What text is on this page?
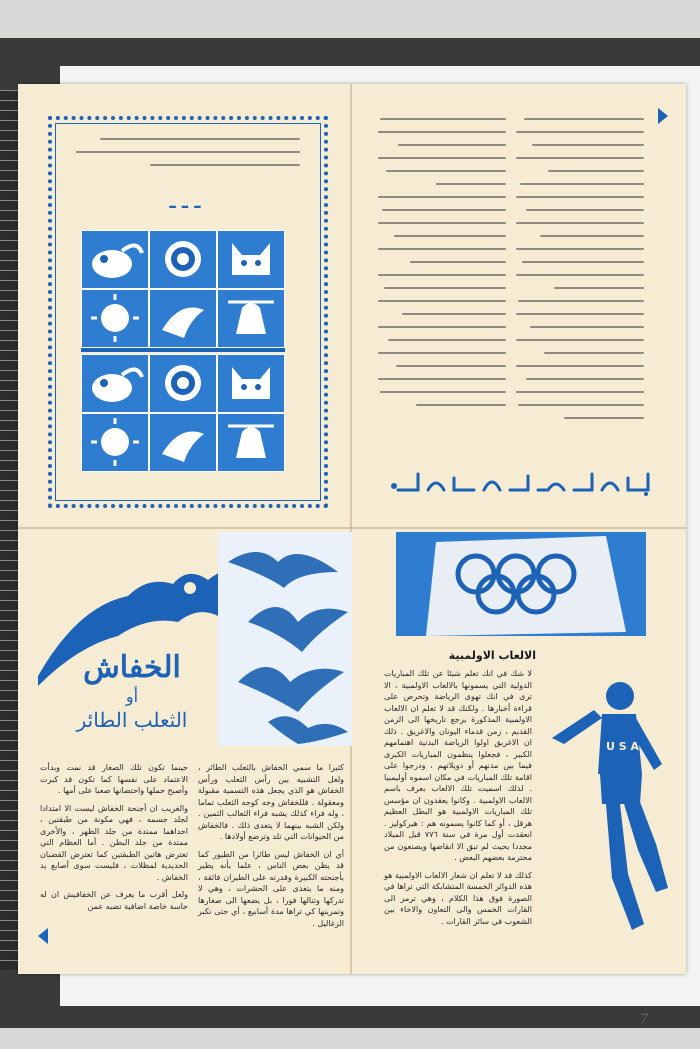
7
ـ ـ ـ
الخفاش
أو
الثعلب الطائر

كثيرا ما سمي الخفاش بالثعلب الطائر ، ولعل التشبيه بين رأس الثعلب ورأس الخفاش هو الذي يجعل هذه التسمية مقبولة ومعقولة . فللخفاش وجه كوجه الثعلب تماما ، وله فراء كذلك يشبه فراء الثعالب الثمين . ولكن الشبه بينهما لا يتعدى ذلك . فالخفاش من الحيوانات التي تلد وترضع أولادها .

أي ان الخفاش ليس طائرا من الطيور كما قد يظن بعض الناس ، علما بأنه يطير بأجنحته الكبيرة وقدرته على الطيران فائقة ، ومنه ما يتغذى على الحشرات ، وهي لا تدركها وتنالها فورا ، بل يضعها الى صغارها وتمرينها كي تراها مدة أسابيع ، أي حتى تكبر الزغاليل .

حينما تكون تلك الصغار قد نمت وبدأت الاعتماد على نفسها كما تكون قد كبرت وأصبح حملها واحتضانها صعبا على أمها .

والغريب ان أجنحة الخفاش ليست الا امتدادا لجلد جسمه ، فهي مكونة من طبقتين ، احداهما ممتدة من جلد الظهر ، والأخرى ممتدة من جلد البطن . أما العظام التي تعترض هاتين الطبقتين كما تعترض القضبان الحديدية لمظلات ، فليست سوى أصابع يد الخفاش .

ولعل أقرب ما يعرف عن الخفافيش ان له حاسة خاصة اضافية تضبه عمن

الالعاب الاولمبية

لا شك في انك تعلم شيئا عن تلك المباريات الدولية التي يسمونها بالالعاب الاولمبية ، الا ترى في انك تهوى الرياضة وتحرص على قراءة أخبارها . ولكنك قد لا تعلم ان الالعاب الاولمبية المذكورة يرجع تاريخها الى الزمن القديم ، زمن قدماء اليونان والاغريق . ذلك ان الاغريق اولوا الرياضة البدنية اهتمامهم الكبير ، فجعلوا ينظمون المباريات الكبرى فيما بين مدنهم أو دويلاتهم ، ودرجوا على اقامة تلك المباريات في مكان اسموه أوليمبيا . لذلك اسميت تلك الالعاب بعرف باسم الالعاب الاولمبية . وكانوا يعقدون ان مؤسس تلك المباريات الاولمبية هو البطل العظيم هرقل ، أو كما كانوا يسمونه هم : هيركوليز . انعقدت أول مرة في سنة ٧٧٦ قبل الميلاد مجددا بحيث لم تبق الا انقاضها ويصنعون من محترمة بعضهم البعض .

كذلك قد لا تعلم ان شعار الالعاب الاولمبية هو هذه الدوائر الخمسة المتشابكة التي تراها في الصورة فوق هذا الكلام ، وهي ترمز الى القارات الخمس والى التعاون والاخاء بين الشعوب في سائر القارات .

U S A
